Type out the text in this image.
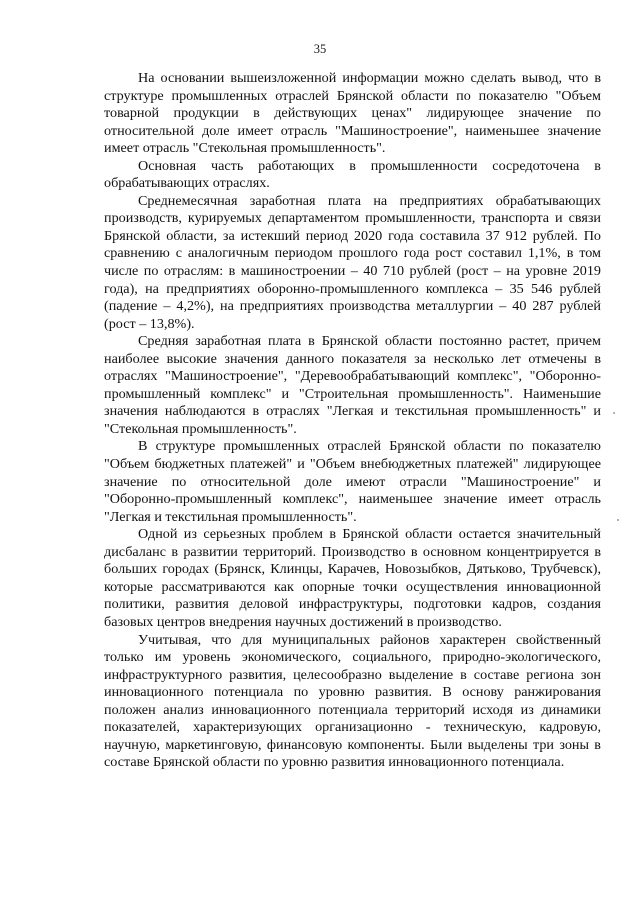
35

На основании вышеизложенной информации можно сделать вывод, что в структуре промышленных отраслей Брянской области по показателю "Объем товарной продукции в действующих ценах" лидирующее значение по относительной доле имеет отрасль "Машиностроение", наименьшее значение имеет отрасль "Стекольная промышленность".

Основная часть работающих в промышленности сосредоточена в обрабатывающих отраслях.

Среднемесячная заработная плата на предприятиях обрабатывающих производств, курируемых департаментом промышленности, транспорта и связи Брянской области, за истекший период 2020 года составила 37 912 рублей. По сравнению с аналогичным периодом прошлого года рост составил 1,1%, в том числе по отраслям: в машиностроении – 40 710 рублей (рост – на уровне 2019 года), на предприятиях оборонно-промышленного комплекса – 35 546 рублей (падение – 4,2%), на предприятиях производства металлургии – 40 287 рублей (рост – 13,8%).

Средняя заработная плата в Брянской области постоянно растет, причем наиболее высокие значения данного показателя за несколько лет отмечены в отраслях "Машиностроение", "Деревообрабатывающий комплекс", "Оборонно-промышленный комплекс" и "Строительная промышленность". Наименьшие значения наблюдаются в отраслях "Легкая и текстильная промышленность" и "Стекольная промышленность".

В структуре промышленных отраслей Брянской области по показателю "Объем бюджетных платежей" и "Объем внебюджетных платежей" лидирующее значение по относительной доле имеют отрасли "Машиностроение" и "Оборонно-промышленный комплекс", наименьшее значение имеет отрасль "Легкая и текстильная промышленность".

Одной из серьезных проблем в Брянской области остается значительный дисбаланс в развитии территорий. Производство в основном концентрируется в больших городах (Брянск, Клинцы, Карачев, Новозыбков, Дятьково, Трубчевск), которые рассматриваются как опорные точки осуществления инновационной политики, развития деловой инфраструктуры, подготовки кадров, создания базовых центров внедрения научных достижений в производство.

Учитывая, что для муниципальных районов характерен свойственный только им уровень экономического, социального, природно-экологического, инфраструктурного развития, целесообразно выделение в составе региона зон инновационного потенциала по уровню развития. В основу ранжирования положен анализ инновационного потенциала территорий исходя из динамики показателей, характеризующих организационно - техническую, кадровую, научную, маркетинговую, финансовую компоненты. Были выделены три зоны в составе Брянской области по уровню развития инновационного потенциала.
